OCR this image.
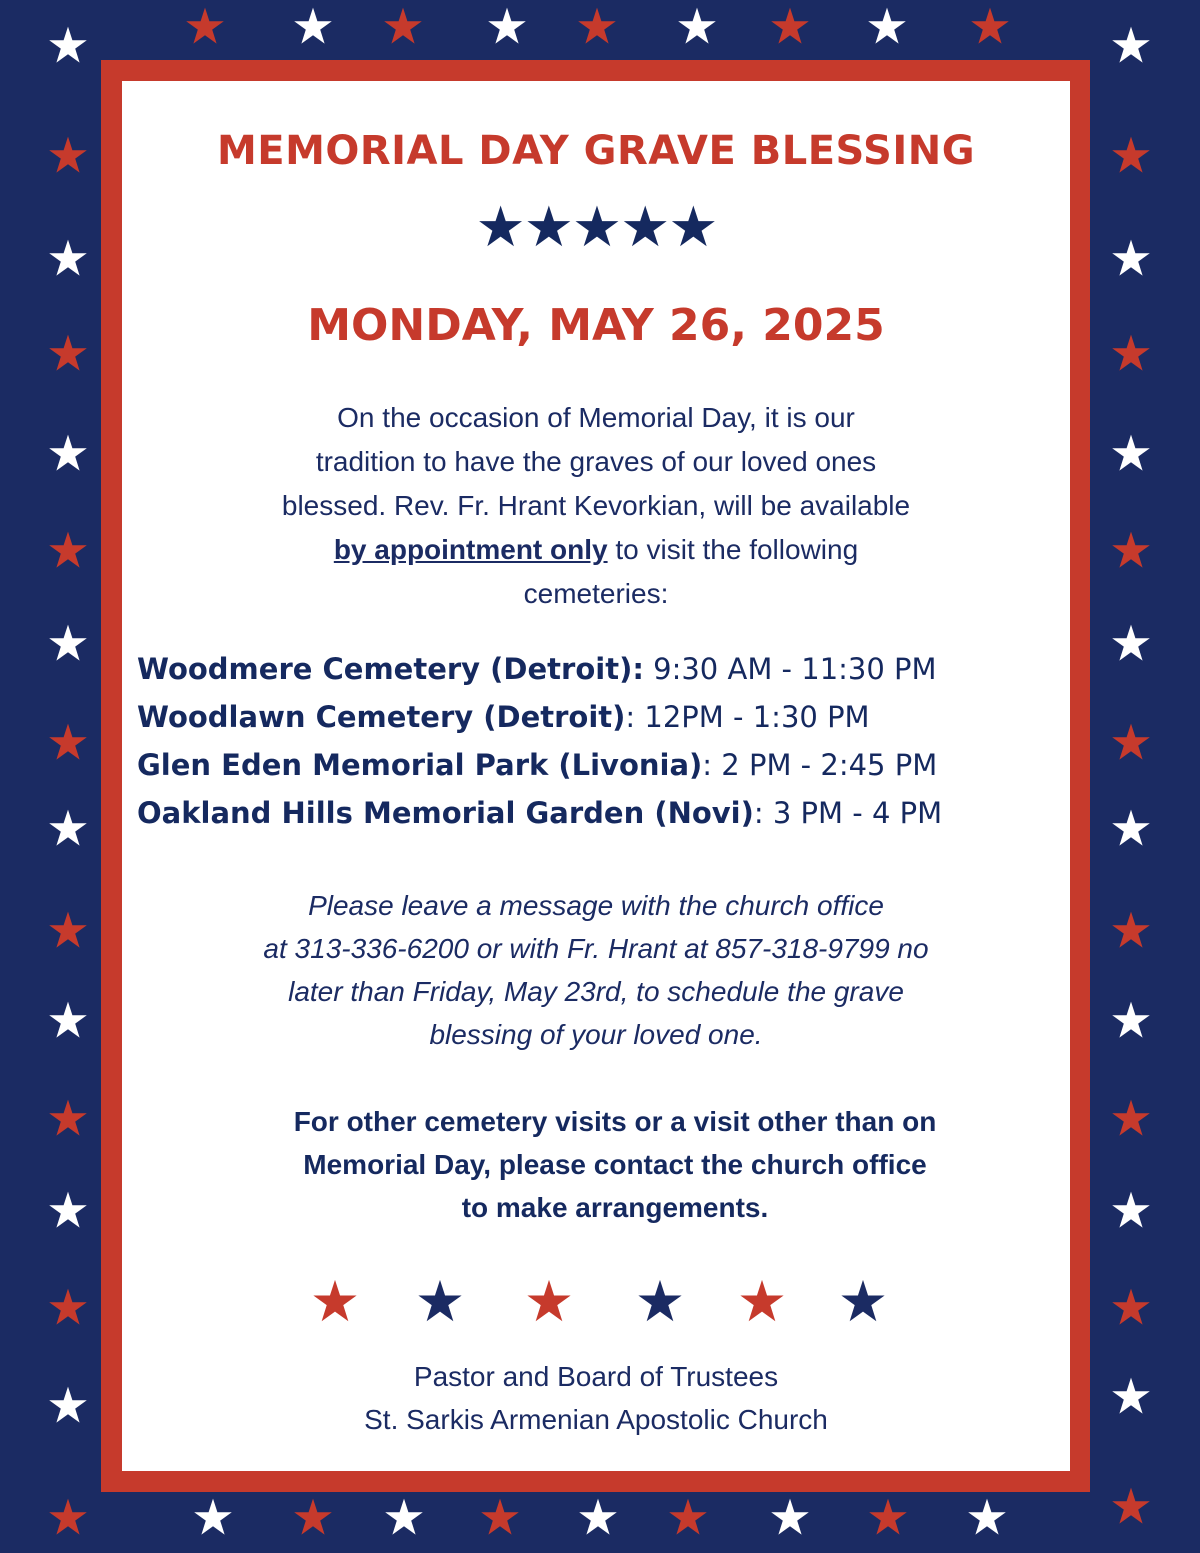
MEMORIAL DAY GRAVE BLESSING
★★★★★
MONDAY, MAY 26, 2025
On the occasion of Memorial Day, it is our
tradition to have the graves of our loved ones
blessed. Rev. Fr. Hrant Kevorkian, will be available
by appointment only to visit the following
cemeteries:
Woodmere Cemetery (Detroit): 9:30 AM - 11:30 PM
Woodlawn Cemetery (Detroit): 12PM - 1:30 PM
Glen Eden Memorial Park (Livonia): 2 PM - 2:45 PM
Oakland Hills Memorial Garden (Novi): 3 PM - 4 PM
Please leave a message with the church office
at 313-336-6200 or with Fr. Hrant at 857-318-9799 no
later than Friday, May 23rd, to schedule the grave
blessing of your loved one.
For other cemetery visits or a visit other than on
Memorial Day, please contact the church office
to make arrangements.
Pastor and Board of Trustees
St. Sarkis Armenian Apostolic Church
